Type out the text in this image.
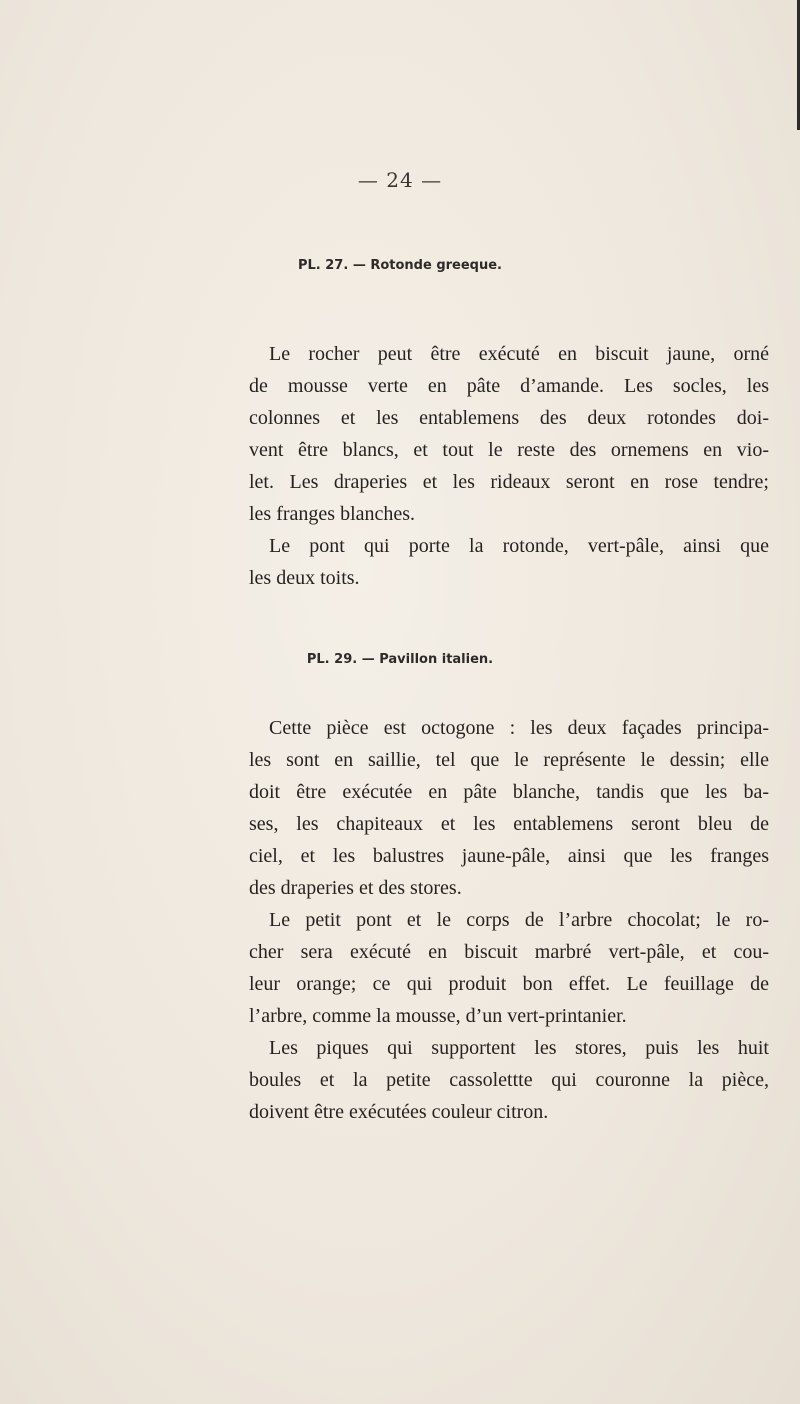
— 24 —
PL. 27. — Rotonde greeque.
Le rocher peut être exécuté en biscuit jaune, orné
de mousse verte en pâte d’amande. Les socles, les
colonnes et les entablemens des deux rotondes doi-
vent être blancs, et tout le reste des ornemens en vio-
let. Les draperies et les rideaux seront en rose tendre;
les franges blanches.
Le pont qui porte la rotonde, vert-pâle, ainsi que
les deux toits.
PL. 29. — Pavillon italien.
Cette pièce est octogone : les deux façades principa-
les sont en saillie, tel que le représente le dessin; elle
doit être exécutée en pâte blanche, tandis que les ba-
ses, les chapiteaux et les entablemens seront bleu de
ciel, et les balustres jaune-pâle, ainsi que les franges
des draperies et des stores.
Le petit pont et le corps de l’arbre chocolat; le ro-
cher sera exécuté en biscuit marbré vert-pâle, et cou-
leur orange; ce qui produit bon effet. Le feuillage de
l’arbre, comme la mousse, d’un vert-printanier.
Les piques qui supportent les stores, puis les huit
boules et la petite cassolettte qui couronne la pièce,
doivent être exécutées couleur citron.
